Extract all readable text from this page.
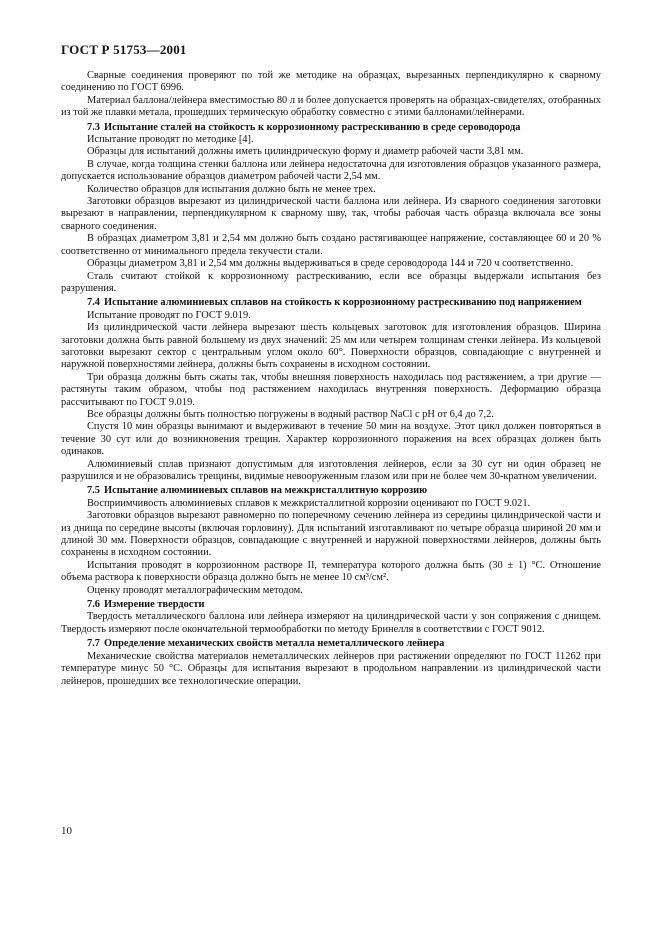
ГОСТ Р 51753—2001

Сварные соединения проверяют по той же методике на образцах, вырезанных перпендикулярно к сварному соединению по ГОСТ 6996.

Материал баллона/лейнера вместимостью 80 л и более допускается проверять на образцах-свидетелях, отобранных из той же плавки метала, прошедших термическую обработку совместно с этими баллонами/лейнерами.

7.3 Испытание сталей на стойкость к коррозионному растрескиванию в среде сероводорода

Испытание проводят по методике [4].

Образцы для испытаний должны иметь цилиндрическую форму и диаметр рабочей части 3,81 мм.

В случае, когда толщина стенки баллона или лейнера недостаточна для изготовления образцов указанного размера, допускается использование образцов диаметром рабочей части 2,54 мм.

Количество образцов для испытания должно быть не менее трех.

Заготовки образцов вырезают из цилиндрической части баллона или лейнера. Из сварного соединения заготовки вырезают в направлении, перпендикулярном к сварному шву, так, чтобы рабочая часть образца включала все зоны сварного соединения.

В образцах диаметром 3,81 и 2,54 мм должно быть создано растягивающее напряжение, составляющее 60 и 20 % соответственно от минимального предела текучести стали.

Образцы диаметром 3,81 и 2,54 мм должны выдерживаться в среде сероводорода 144 и 720 ч соответственно.

Сталь считают стойкой к коррозионному растрескиванию, если все образцы выдержали испытания без разрушения.

7.4 Испытание алюминиевых сплавов на стойкость к коррозионному растрескиванию под напряжением

Испытание проводят по ГОСТ 9.019.

Из цилиндрической части лейнера вырезают шесть кольцевых заготовок для изготовления образцов. Ширина заготовки должна быть равной большему из двух значений: 25 мм или четырем толщинам стенки лейнера. Из кольцевой заготовки вырезают сектор с центральным углом около 60°. Поверхности образцов, совпадающие с внутренней и наружной поверхностями лейнера, должны быть сохранены в исходном состоянии.

Три образца должны быть сжаты так, чтобы внешняя поверхность находилась под растяжением, а три другие — растянуты таким образом, чтобы под растяжением находилась внутренняя поверхность. Деформацию образца рассчитывают по ГОСТ 9.019.

Все образцы должны быть полностью погружены в водный раствор NaCl с pH от 6,4 до 7,2.

Спустя 10 мин образцы вынимают и выдерживают в течение 50 мин на воздухе. Этот цикл должен повторяться в течение 30 сут или до возникновения трещин. Характер коррозионного поражения на всех образцах должен быть одинаков.

Алюминиевый сплав признают допустимым для изготовления лейнеров, если за 30 сут ни один образец не разрушился и не образовались трещины, видимые невооруженным глазом или при не более чем 30-кратном увеличении.

7.5 Испытание алюминиевых сплавов на межкристаллитную коррозию

Восприимчивость алюминиевых сплавов к межкристаллитной коррозии оценивают по ГОСТ 9.021.

Заготовки образцов вырезают равномерно по поперечному сечению лейнера из середины цилиндрической части и из днища по середине высоты (включая горловину). Для испытаний изготавливают по четыре образца шириной 20 мм и длиной 30 мм. Поверхности образцов, совпадающие с внутренней и наружной поверхностями лейнеров, должны быть сохранены в исходном состоянии.

Испытания проводят в коррозионном растворе II, температура которого должна быть (30 ± 1) °С. Отношение объема раствора к поверхности образца должно быть не менее 10 см³/см².

Оценку проводят металлографическим методом.

7.6 Измерение твердости

Твердость металлического баллона или лейнера измеряют на цилиндрической части у зон сопряжения с днищем. Твердость измеряют после окончательной термообработки по методу Бринелля в соответствии с ГОСТ 9012.

7.7 Определение механических свойств металла неметаллического лейнера

Механические свойства материалов неметаллических лейнеров при растяжении определяют по ГОСТ 11262 при температуре минус 50 °С. Образцы для испытания вырезают в продольном направлении из цилиндрической части лейнеров, прошедших все технологические операции.

10
